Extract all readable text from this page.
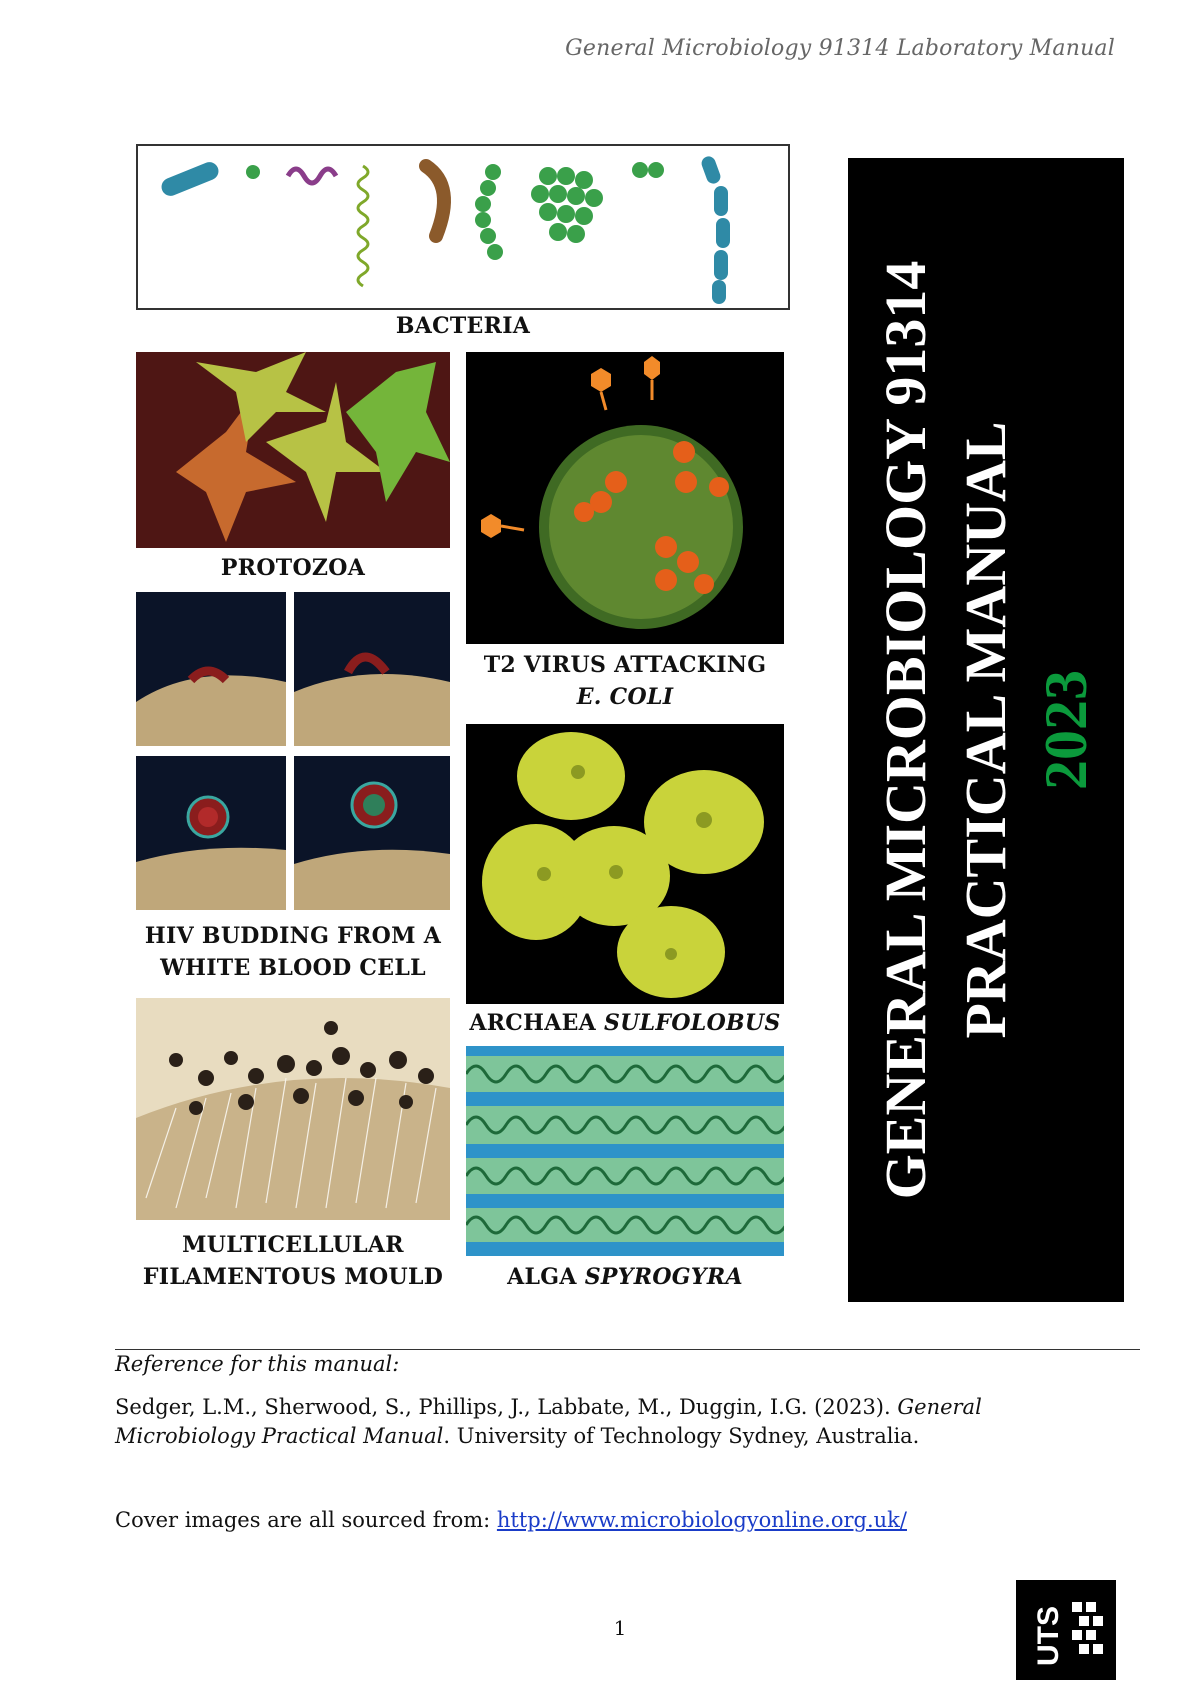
General Microbiology 91314 Laboratory Manual
BACTERIA
PROTOZOA
T2 VIRUS ATTACKING
E. COLI
HIV BUDDING FROM A
WHITE BLOOD CELL
ARCHAEA SULFOLOBUS
MULTICELLULAR
FILAMENTOUS MOULD	ALGA SPYROGYRA
GENERAL MICROBIOLOGY 91314 PRACTICAL MANUAL 2023
Reference for this manual:
Sedger, L.M., Sherwood, S., Phillips, J., Labbate, M., Duggin, I.G. (2023). General Microbiology Practical Manual. University of Technology Sydney, Australia.
Cover images are all sourced from: http://www.microbiologyonline.org.uk/
1	UTS
